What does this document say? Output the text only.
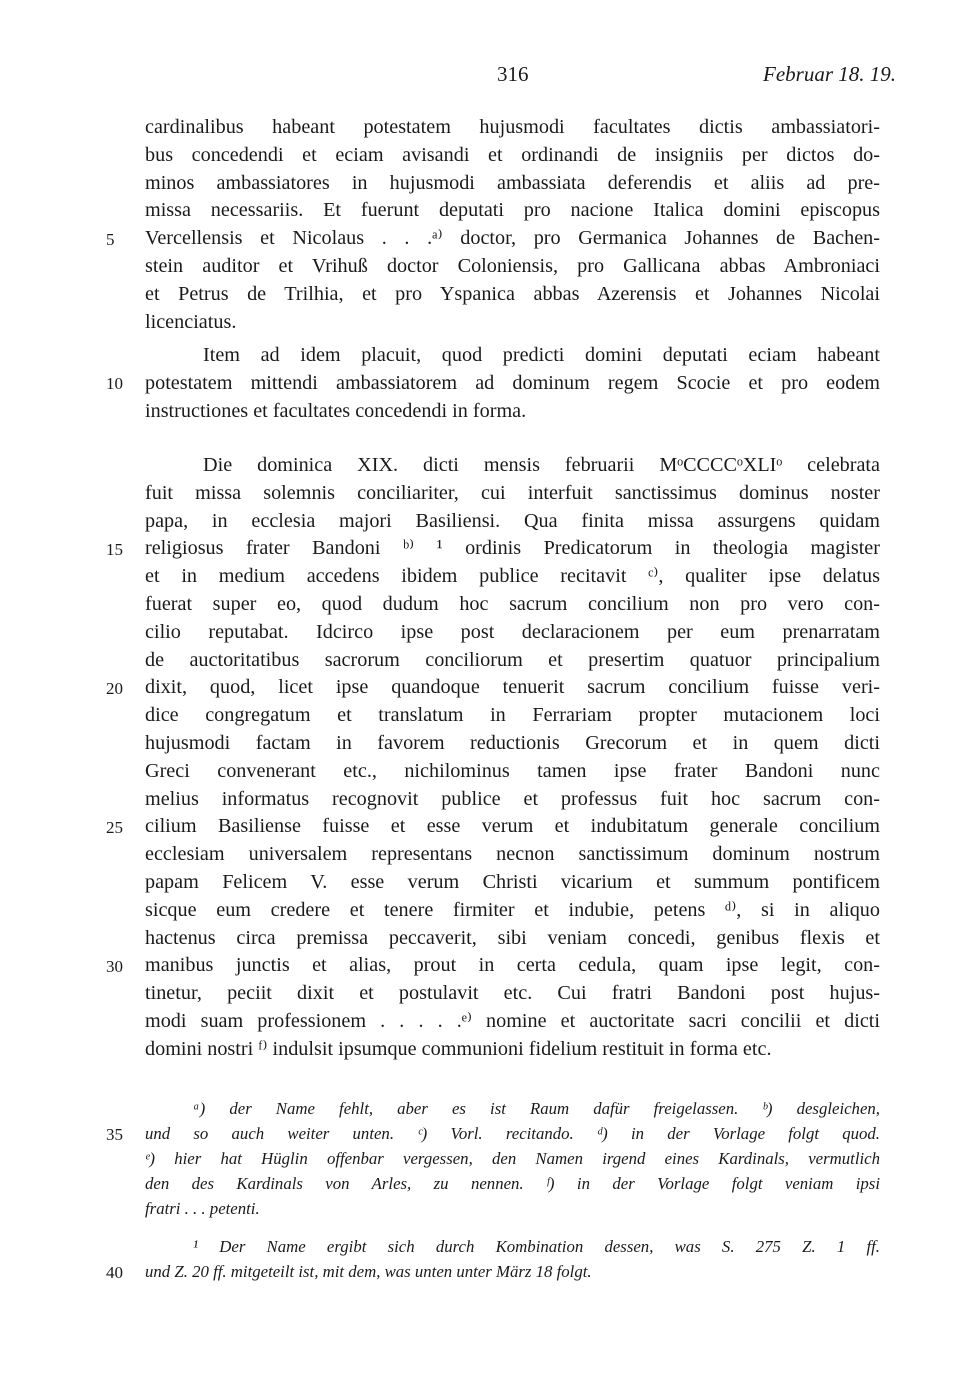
316	Februar 18. 19.
cardinalibus habeant potestatem hujusmodi facultates dictis ambassiatori-
bus concedendi et eciam avisandi et ordinandi de insigniis per dictos do-
minos ambassiatores in hujusmodi ambassiata deferendis et aliis ad pre-
missa necessariis. Et fuerunt deputati pro nacione Italica domini episcopus
Vercellensis et Nicolaus . . .ᵃ⁾ doctor, pro Germanica Johannes de Bachen-
stein auditor et Vrihuß doctor Coloniensis, pro Gallicana abbas Ambroniaci
et Petrus de Trilhia, et pro Yspanica abbas Azerensis et Johannes Nicolai
licenciatus.
Item ad idem placuit, quod predicti domini deputati eciam habeant
potestatem mittendi ambassiatorem ad dominum regem Scocie et pro eodem
instructiones et facultates concedendi in forma.
Die dominica XIX. dicti mensis februarii MᵒCCCCᵒXLIᵒ celebrata
fuit missa solemnis conciliariter, cui interfuit sanctissimus dominus noster
papa, in ecclesia majori Basiliensi. Qua finita missa assurgens quidam
religiosus frater Bandoni ᵇ⁾ ¹ ordinis Predicatorum in theologia magister
et in medium accedens ibidem publice recitavit ᶜ⁾, qualiter ipse delatus
fuerat super eo, quod dudum hoc sacrum concilium non pro vero con-
cilio reputabat. Idcirco ipse post declaracionem per eum prenarratam
de auctoritatibus sacrorum conciliorum et presertim quatuor principalium
dixit, quod, licet ipse quandoque tenuerit sacrum concilium fuisse veri-
dice congregatum et translatum in Ferrariam propter mutacionem loci
hujusmodi factam in favorem reductionis Grecorum et in quem dicti
Greci convenerant etc., nichilominus tamen ipse frater Bandoni nunc
melius informatus recognovit publice et professus fuit hoc sacrum con-
cilium Basiliense fuisse et esse verum et indubitatum generale concilium
ecclesiam universalem representans necnon sanctissimum dominum nostrum
papam Felicem V. esse verum Christi vicarium et summum pontificem
sicque eum credere et tenere firmiter et indubie, petens ᵈ⁾, si in aliquo
hactenus circa premissa peccaverit, sibi veniam concedi, genibus flexis et
manibus junctis et alias, prout in certa cedula, quam ipse legit, con-
tinetur, peciit dixit et postulavit etc. Cui fratri Bandoni post hujus-
modi suam professionem . . . . .ᵉ⁾ nomine et auctoritate sacri concilii et dicti
domini nostri ᶠ⁾ indulsit ipsumque communioni fidelium restituit in forma etc.
ᵃ) der Name fehlt, aber es ist Raum dafür freigelassen. ᵇ) desgleichen,
und so auch weiter unten. ᶜ) Vorl. recitando. ᵈ) in der Vorlage folgt quod.
ᵉ) hier hat Hüglin offenbar vergessen, den Namen irgend eines Kardinals, vermutlich
den des Kardinals von Arles, zu nennen. ᶠ) in der Vorlage folgt veniam ipsi
fratri . . . petenti.
¹ Der Name ergibt sich durch Kombination dessen, was S. 275 Z. 1 ff.
und Z. 20 ff. mitgeteilt ist, mit dem, was unten unter März 18 folgt.
5
10
15
20
25
30
35
40
